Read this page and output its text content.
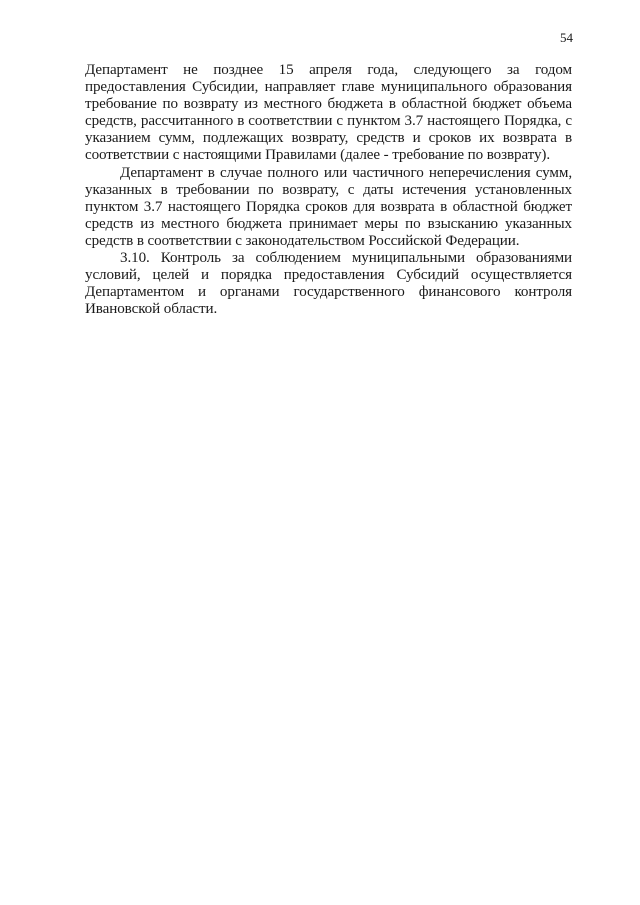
54

Департамент не позднее 15 апреля года, следующего за годом предоставления Субсидии, направляет главе муниципального образования требование по возврату из местного бюджета в областной бюджет объема средств, рассчитанного в соответствии с пунктом 3.7 настоящего Порядка, с указанием сумм, подлежащих возврату, средств и сроков их возврата в соответствии с настоящими Правилами (далее - требование по возврату).

Департамент в случае полного или частичного неперечисления сумм, указанных в требовании по возврату, с даты истечения установленных пунктом 3.7 настоящего Порядка сроков для возврата в областной бюджет средств из местного бюджета принимает меры по взысканию указанных средств в соответствии с законодательством Российской Федерации.

3.10. Контроль за соблюдением муниципальными образованиями условий, целей и порядка предоставления Субсидий осуществляется Департаментом и органами государственного финансового контроля Ивановской области.
